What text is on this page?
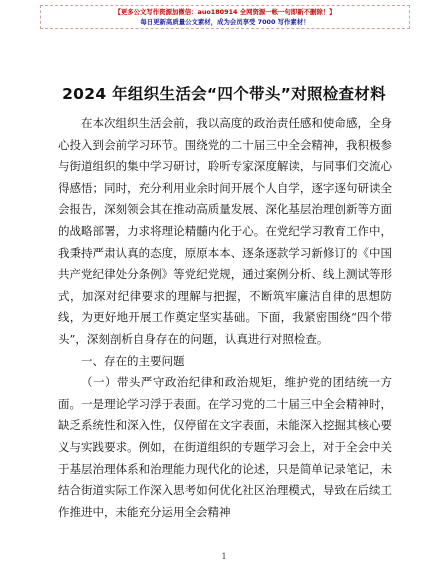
【更多公文写作资源加微信：auo180914 全网资源一帐一句即新不删除！】
每日更新高质量公文素材，成为会员享受 7000 写作素材！
2024 年组织生活会“四个带头”对照检查材料

在本次组织生活会前，我以高度的政治责任感和使命感，全身心投入到会前学习环节。围绕党的二十届三中全会精神，我积极参与街道组织的集中学习研讨，聆听专家深度解读，与同事们交流心得感悟；同时，充分利用业余时间开展个人自学，逐字逐句研读全会报告，深刻领会其在推动高质量发展、深化基层治理创新等方面的战略部署，力求将理论精髓内化于心。在党纪学习教育工作中，我秉持严肃认真的态度，原原本本、逐条逐款学习新修订的《中国共产党纪律处分条例》等党纪党规，通过案例分析、线上测试等形式，加深对纪律要求的理解与把握，不断筑牢廉洁自律的思想防线，为更好地开展工作奠定坚实基础。下面，我紧密围绕“四个带头”，深刻剖析自身存在的问题，认真进行对照检查。

一、存在的主要问题

（一）带头严守政治纪律和政治规矩，维护党的团结统一方面。一是理论学习浮于表面。在学习党的二十届三中全会精神时，缺乏系统性和深入性，仅停留在文字表面，未能深入挖掘其核心要义与实践要求。例如，在街道组织的专题学习会上，对于全会中关于基层治理体系和治理能力现代化的论述，只是简单记录笔记，未结合街道实际工作深入思考如何优化社区治理模式，导致在后续工作推进中，未能充分运用全会精神

1
